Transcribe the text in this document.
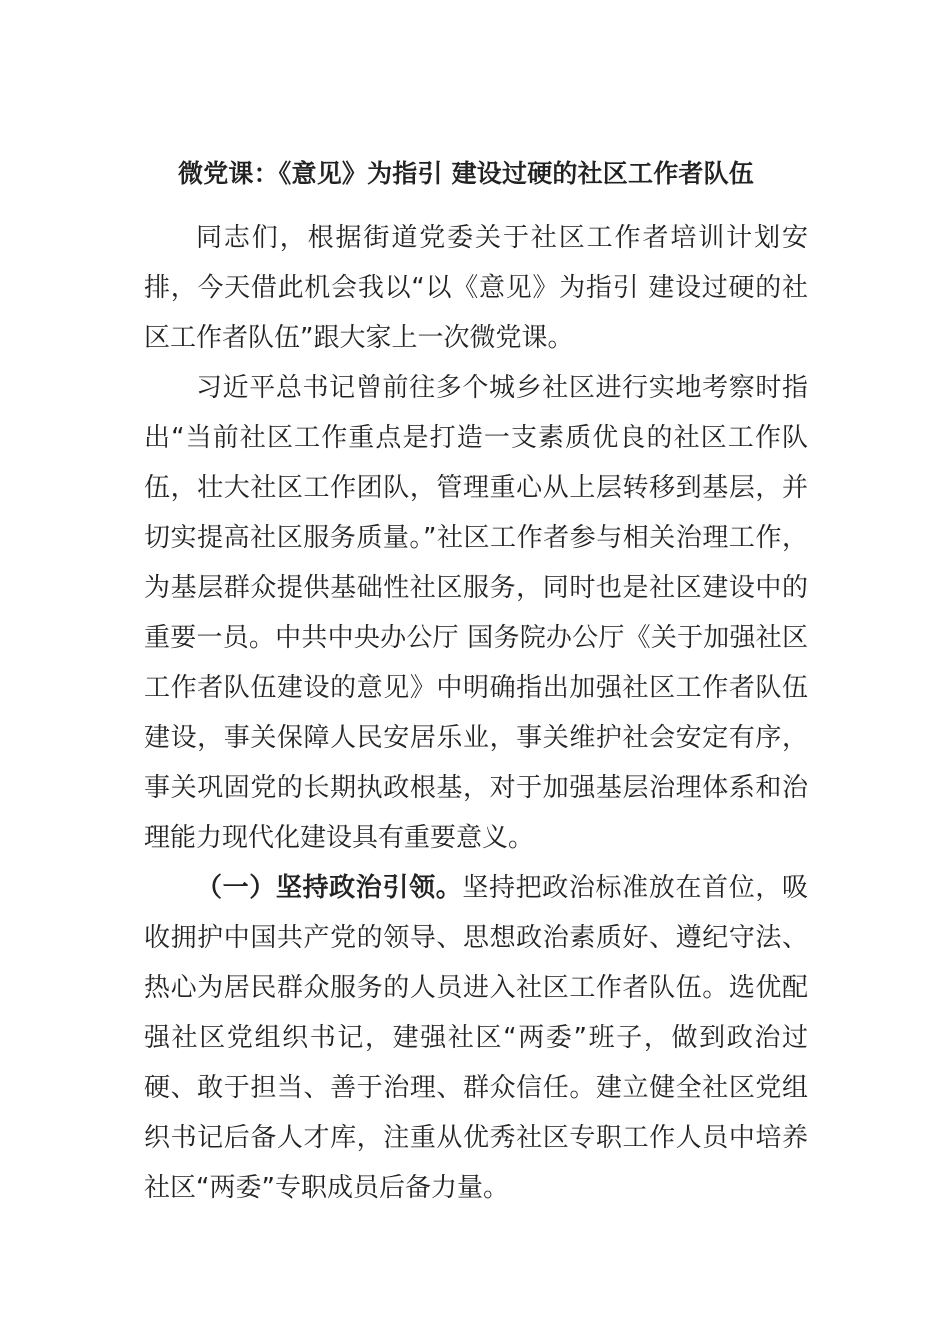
微党课：《意见》为指引 建设过硬的社区工作者队伍

同志们，根据街道党委关于社区工作者培训计划安排，今天借此机会我以“以《意见》为指引 建设过硬的社区工作者队伍”跟大家上一次微党课。

习近平总书记曾前往多个城乡社区进行实地考察时指出“当前社区工作重点是打造一支素质优良的社区工作队伍，壮大社区工作团队，管理重心从上层转移到基层，并切实提高社区服务质量。”社区工作者参与相关治理工作，为基层群众提供基础性社区服务，同时也是社区建设中的重要一员。中共中央办公厅 国务院办公厅《关于加强社区工作者队伍建设的意见》中明确指出加强社区工作者队伍建设，事关保障人民安居乐业，事关维护社会安定有序，事关巩固党的长期执政根基，对于加强基层治理体系和治理能力现代化建设具有重要意义。

（一）坚持政治引领。坚持把政治标准放在首位，吸收拥护中国共产党的领导、思想政治素质好、遵纪守法、热心为居民群众服务的人员进入社区工作者队伍。选优配强社区党组织书记，建强社区“两委”班子，做到政治过硬、敢于担当、善于治理、群众信任。建立健全社区党组织书记后备人才库，注重从优秀社区专职工作人员中培养社区“两委”专职成员后备力量。
